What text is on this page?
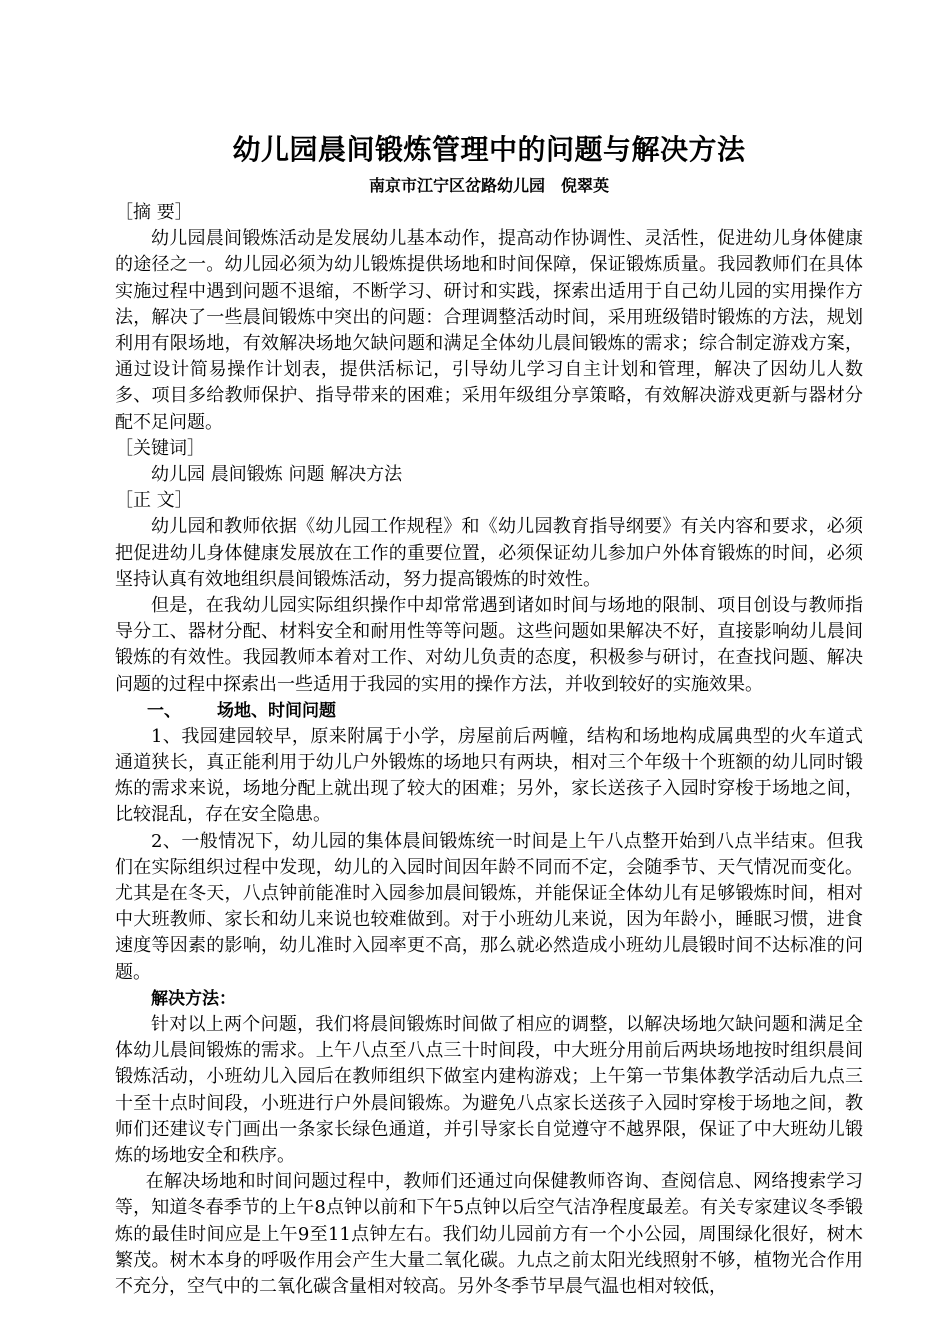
幼儿园晨间锻炼管理中的问题与解决方法
南京市江宁区岔路幼儿园　倪翠英
［摘 要］

幼儿园晨间锻炼活动是发展幼儿基本动作，提高动作协调性、灵活性，促进幼儿身体健康的途径之一。幼儿园必须为幼儿锻炼提供场地和时间保障，保证锻炼质量。我园教师们在具体实施过程中遇到问题不退缩，不断学习、研讨和实践，探索出适用于自己幼儿园的实用操作方法，解决了一些晨间锻炼中突出的问题：合理调整活动时间，采用班级错时锻炼的方法，规划利用有限场地，有效解决场地欠缺问题和满足全体幼儿晨间锻炼的需求；综合制定游戏方案，通过设计简易操作计划表，提供活标记，引导幼儿学习自主计划和管理，解决了因幼儿人数多、项目多给教师保护、指导带来的困难；采用年级组分享策略，有效解决游戏更新与器材分配不足问题。

［关键词］
幼儿园 晨间锻炼 问题 解决方法
［正 文］

幼儿园和教师依据《幼儿园工作规程》和《幼儿园教育指导纲要》有关内容和要求，必须把促进幼儿身体健康发展放在工作的重要位置，必须保证幼儿参加户外体育锻炼的时间，必须坚持认真有效地组织晨间锻炼活动，努力提高锻炼的时效性。

但是，在我幼儿园实际组织操作中却常常遇到诸如时间与场地的限制、项目创设与教师指导分工、器材分配、材料安全和耐用性等等问题。这些问题如果解决不好，直接影响幼儿晨间锻炼的有效性。我园教师本着对工作、对幼儿负责的态度，积极参与研讨，在查找问题、解决问题的过程中探索出一些适用于我园的实用的操作方法，并收到较好的实施效果。

一、 场地、时间问题

1、我园建园较早，原来附属于小学，房屋前后两幢，结构和场地构成属典型的火车道式通道狭长，真正能利用于幼儿户外锻炼的场地只有两块，相对三个年级十个班额的幼儿同时锻炼的需求来说，场地分配上就出现了较大的困难；另外，家长送孩子入园时穿梭于场地之间，比较混乱，存在安全隐患。

2、一般情况下，幼儿园的集体晨间锻炼统一时间是上午八点整开始到八点半结束。但我们在实际组织过程中发现，幼儿的入园时间因年龄不同而不定，会随季节、天气情况而变化。尤其是在冬天，八点钟前能准时入园参加晨间锻炼，并能保证全体幼儿有足够锻炼时间，相对中大班教师、家长和幼儿来说也较难做到。对于小班幼儿来说，因为年龄小，睡眠习惯，进食速度等因素的影响，幼儿准时入园率更不高，那么就必然造成小班幼儿晨锻时间不达标准的问题。

解决方法：

针对以上两个问题，我们将晨间锻炼时间做了相应的调整，以解决场地欠缺问题和满足全体幼儿晨间锻炼的需求。上午八点至八点三十时间段，中大班分用前后两块场地按时组织晨间锻炼活动，小班幼儿入园后在教师组织下做室内建构游戏；上午第一节集体教学活动后九点三十至十点时间段，小班进行户外晨间锻炼。为避免八点家长送孩子入园时穿梭于场地之间，教师们还建议专门画出一条家长绿色通道，并引导家长自觉遵守不越界限，保证了中大班幼儿锻炼的场地安全和秩序。

在解决场地和时间问题过程中，教师们还通过向保健教师咨询、查阅信息、网络搜索学习等，知道冬春季节的上午8点钟以前和下午5点钟以后空气洁净程度最差。有关专家建议冬季锻炼的最佳时间应是上午9至11点钟左右。我们幼儿园前方有一个小公园，周围绿化很好，树木繁茂。树木本身的呼吸作用会产生大量二氧化碳。九点之前太阳光线照射不够，植物光合作用不充分，空气中的二氧化碳含量相对较高。另外冬季节早晨气温也相对较低，
